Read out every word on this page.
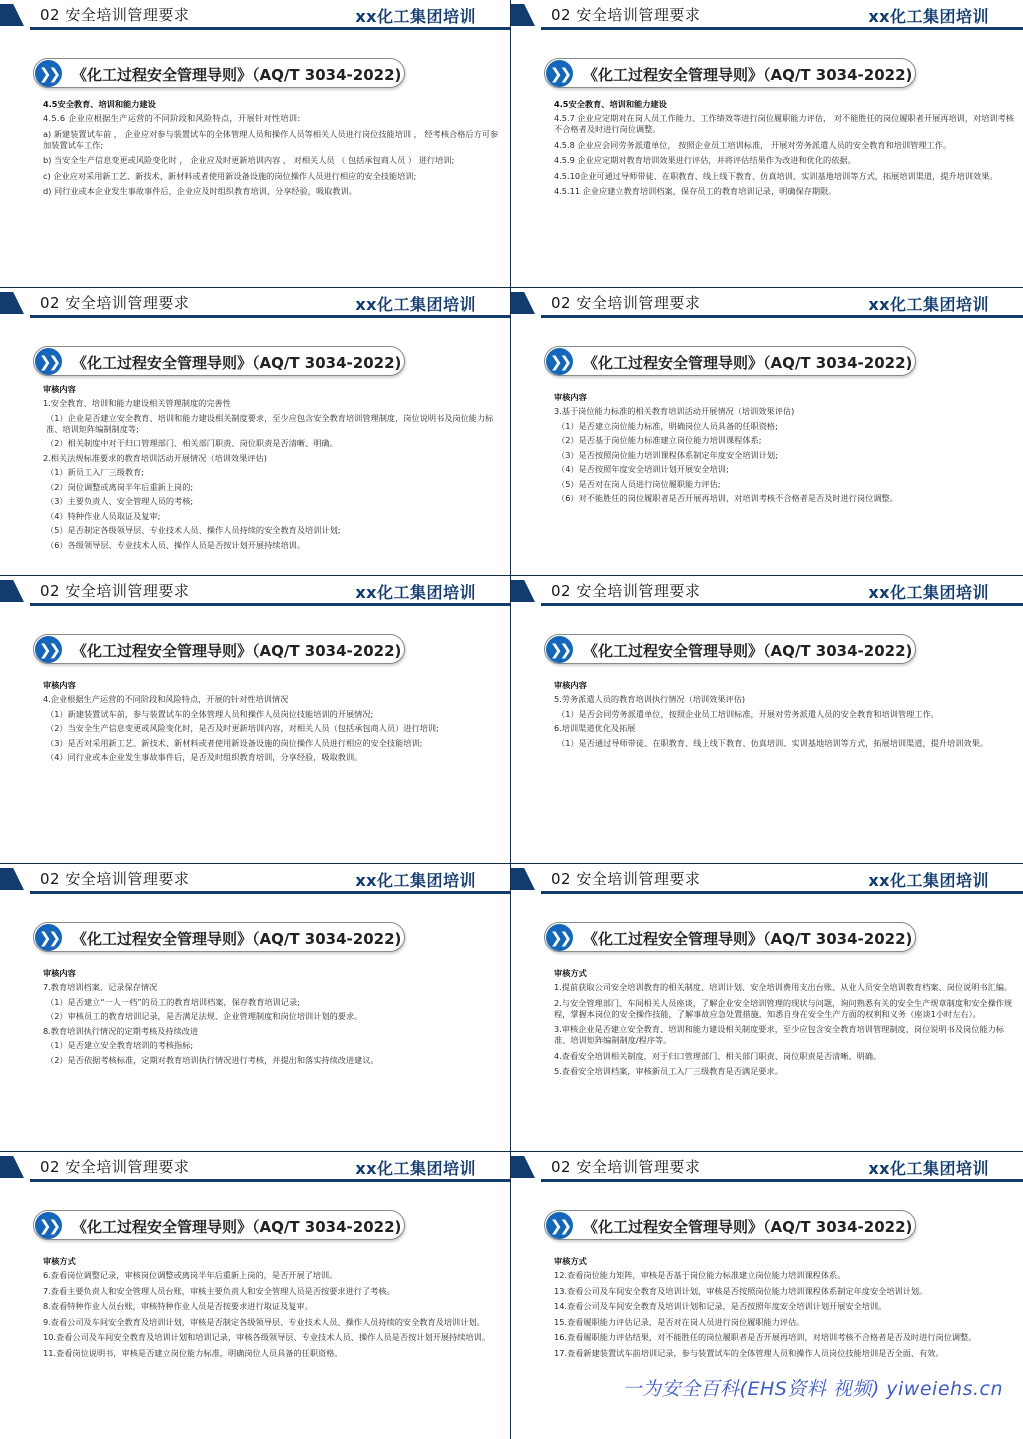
02 安全培训管理要求	xx化工集团培训
❯❯ 《化工过程安全管理导则》（AQ/T 3034-2022)
4.5安全教育、培训和能力建设
4.5.6 企业应根据生产运营的不同阶段和风险特点，开展针对性培训:
a) 新建装置试车前 ， 企业应对参与装置试车的全体管理人员和操作人员等相关人员进行岗位技能培训 ， 经考核合格后方可参加装置试车工作;
b) 当安全生产信息变更或风险变化时 ， 企业应及时更新培训内容 ， 对相关人员 （ 包括承包商人员 ） 进行培训;
c) 企业应对采用新工艺、新技术、新材料或者使用新设备设施的岗位操作人员进行相应的安全技能培训;
d) 同行业或本企业发生事故事件后，企业应及时组织教育培训，分享经验，吸取教训。
02 安全培训管理要求	xx化工集团培训
❯❯ 《化工过程安全管理导则》（AQ/T 3034-2022)
4.5安全教育、培训和能力建设
4.5.7 企业应定期对在岗人员工作能力、工作绩效等进行岗位履职能力评估， 对不能胜任的岗位履职者开展再培训，对培训考核不合格者及时进行岗位调整。
4.5.8 企业应会同劳务派遣单位， 按照企业员工培训标准， 开展对劳务派遣人员的安全教育和培训管理工作。
4.5.9 企业应定期对教育培训效果进行评估，并将评估结果作为改进和优化的依据。
4.5.10企业可通过导师带徒、在职教育、线上线下教育、仿真培训、实训基地培训等方式，拓展培训渠道，提升培训效果。
4.5.11 企业应建立教育培训档案，保存员工的教育培训记录，明确保存期限。
02 安全培训管理要求	xx化工集团培训
❯❯ 《化工过程安全管理导则》（AQ/T 3034-2022)
审核内容
1.安全教育、培训和能力建设相关管理制度的完善性
（1）企业是否建立安全教育、培训和能力建设相关制度要求，至少应包含安全教育培训管理制度，岗位说明书及岗位能力标准、培训矩阵编制制度等;
（2）相关制度中对于归口管理部门、相关部门职责、岗位职责是否清晰、明确。
2.相关法规标准要求的教育培训活动开展情况（培训效果评估)
（1）新员工入厂三级教育;
（2）岗位调整或离岗半年后重新上岗的;
（3）主要负责人、安全管理人员的考核;
（4）特种作业人员取证及复审;
（5）是否制定各级领导层、专业技术人员、操作人员持续的安全教育及培训计划;
（6）各级领导层、专业技术人员、操作人员是否按计划开展持续培训。
02 安全培训管理要求	xx化工集团培训
❯❯ 《化工过程安全管理导则》（AQ/T 3034-2022)
审核内容
3.基于岗位能力标准的相关教育培训活动开展情况（培训效果评估)
（1）是否建立岗位能力标准，明确岗位人员具备的任职资格;
（2）是否基于岗位能力标准建立岗位能力培训课程体系;
（3）是否按照岗位能力培训课程体系制定年度安全培训计划;
（4）是否按照年度安全培训计划开展安全培训;
（5）是否对在岗人员进行岗位履职能力评估;
（6）对不能胜任的岗位履职者是否开展再培训，对培训考核不合格者是否及时进行岗位调整。
02 安全培训管理要求	xx化工集团培训
❯❯ 《化工过程安全管理导则》（AQ/T 3034-2022)
审核内容
4.企业根据生产运营的不同阶段和风险特点，开展的针对性培训情况
（1）新建装置试车前，参与装置试车的全体管理人员和操作人员岗位技能培训的开展情况;
（2）当安全生产信息变更或风险变化时，是否及时更新培训内容，对相关人员（包括承包商人员）进行培训;
（3）是否对采用新工艺、新技术、新材料或者使用新设备设施的岗位操作人员进行相应的安全技能培训;
（4）同行业或本企业发生事故事件后，是否及时组织教育培训，分享经验，吸取教训。
02 安全培训管理要求	xx化工集团培训
❯❯ 《化工过程安全管理导则》（AQ/T 3034-2022)
审核内容
5.劳务派遣人员的教育培训执行情况（培训效果评估)
（1）是否会同劳务派遣单位，按照企业员工培训标准，开展对劳务派遣人员的安全教育和培训管理工作。
6.培训渠道优化及拓展
（1）是否通过导师带徒、在职教育、线上线下教育、仿真培训、实训基地培训等方式，拓展培训渠道，提升培训效果。
02 安全培训管理要求	xx化工集团培训
❯❯ 《化工过程安全管理导则》（AQ/T 3034-2022)
审核内容
7.教育培训档案、记录保存情况
（1）是否建立“一人一档”的员工的教育培训档案，保存教育培训记录;
（2）审核员工的教育培训记录，是否满足法规、企业管理制度和岗位培训计划的要求。
8.教育培训执行情况的定期考核及持续改进
（1）是否建立安全教育培训的考核指标;
（2）是否依据考核标准，定期对教育培训执行情况进行考核，并提出和落实持续改进建议。
02 安全培训管理要求	xx化工集团培训
❯❯ 《化工过程安全管理导则》（AQ/T 3034-2022)
审核方式
1.提前获取公司安全培训教育的相关制度、培训计划、安全培训费用支出台账、从业人员安全培训教育档案、岗位说明书汇编。
2.与安全管理部门、车间相关人员座谈，了解企业安全培训管理的现状与问题，询问熟悉有关的安全生产规章制度和安全操作规程，掌握本岗位的安全操作技能，了解事故应急处置措施，知悉自身在安全生产方面的权利和义务（座谈1小时左右）。
3.审核企业是否建立安全教育、培训和能力建设相关制度要求，至少应包含安全教育培训管理制度，岗位说明书及岗位能力标准、培训矩阵编制制度/程序等。
4.查看安全培训相关制度，对于归口管理部门、相关部门职责、岗位职责是否清晰、明确。
5.查看安全培训档案，审核新员工入厂三级教育是否满足要求。
02 安全培训管理要求	xx化工集团培训
❯❯ 《化工过程安全管理导则》（AQ/T 3034-2022)
审核方式
6.查看岗位调整记录，审核岗位调整或离岗半年后重新上岗的，是否开展了培训。
7.查看主要负责人和安全管理人员台账，审核主要负责人和安全管理人员是否按要求进行了考核。
8.查看特种作业人员台账，审核特种作业人员是否按要求进行取证及复审。
9.查看公司及车间安全教育及培训计划，审核是否制定各级领导层、专业技术人员、操作人员持续的安全教育及培训计划。
10.查看公司及车间安全教育及培训计划和培训记录，审核各级领导层、专业技术人员、操作人员是否按计划开展持续培训。
11.查看岗位说明书，审核是否建立岗位能力标准，明确岗位人员具备的任职资格。
02 安全培训管理要求	xx化工集团培训
❯❯ 《化工过程安全管理导则》（AQ/T 3034-2022)
审核方式
12.查看岗位能力矩阵，审核是否基于岗位能力标准建立岗位能力培训课程体系。
13.查看公司及车间安全教育及培训计划，审核是否按照岗位能力培训课程体系制定年度安全培训计划。
14.查看公司及车间安全教育及培训计划和记录，是否按照年度安全培训计划开展安全培训。
15.查看履职能力评估记录，是否对在岗人员进行岗位履职能力评估。
16.查看履职能力评估结果，对不能胜任的岗位履职者是否开展再培训，对培训考核不合格者是否及时进行岗位调整。
17.查看新建装置试车前培训记录，参与装置试车的全体管理人员和操作人员岗位技能培训是否全面、有效。
一为安全百科(EHS资料 视频) yiweiehs.cn
